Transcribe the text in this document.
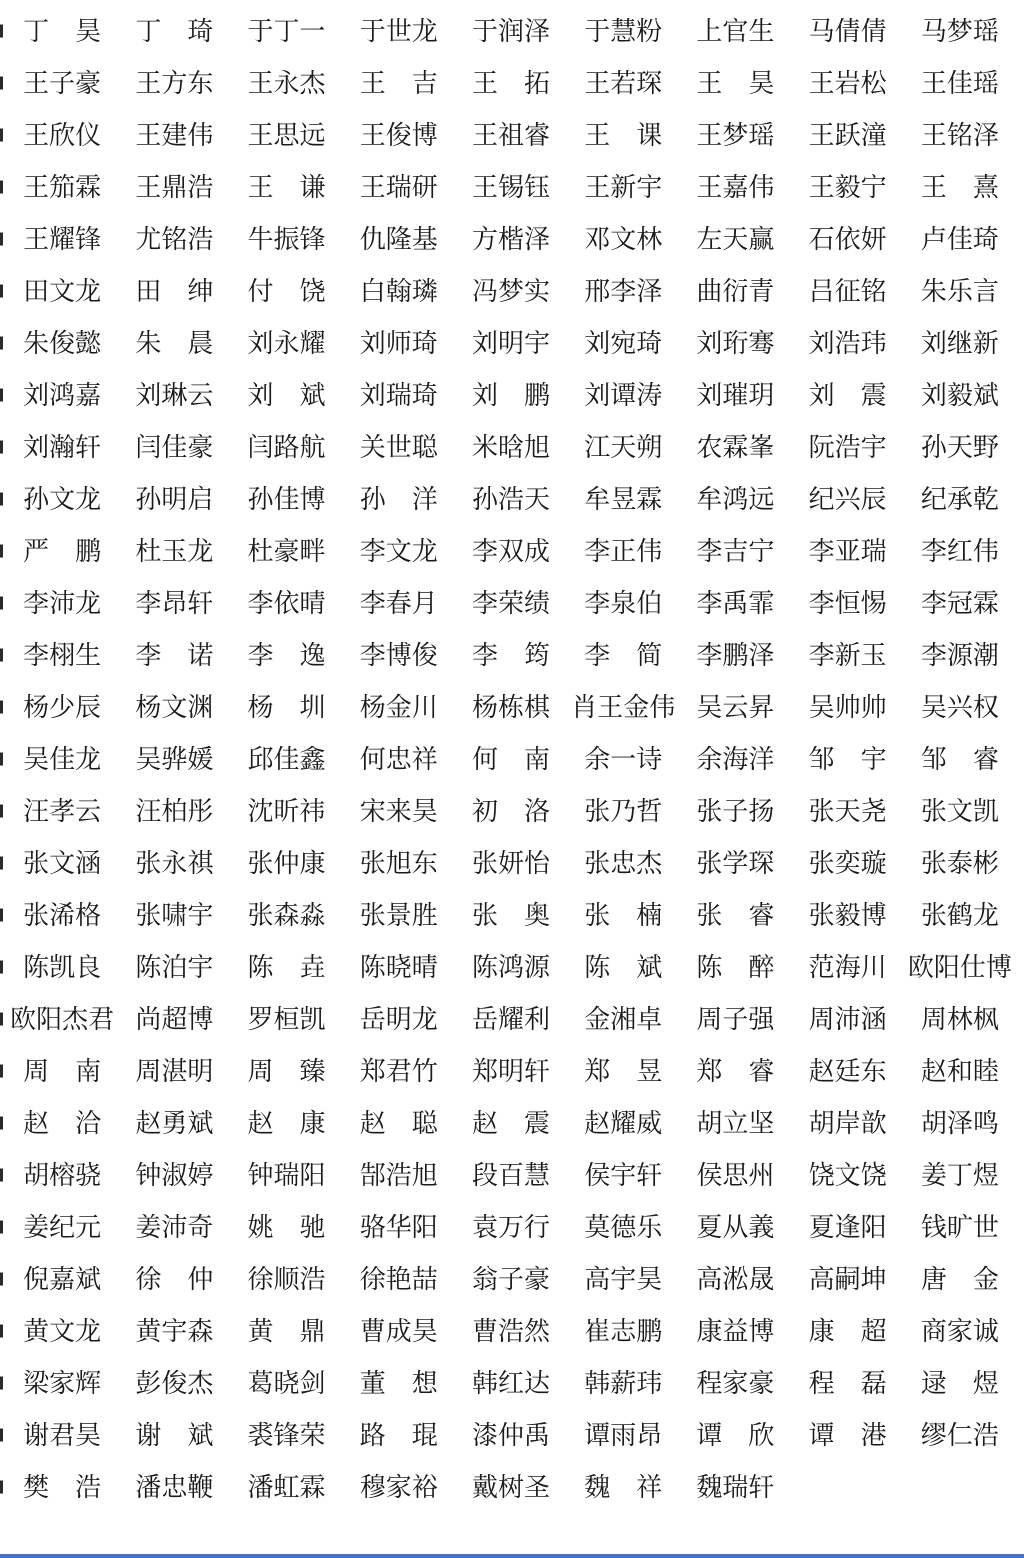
丁　昊	丁　琦	于丁一	于世龙	于润泽	于慧粉	上官生	马倩倩	马梦瑶
王子豪	王方东	王永杰	王　吉	王　拓	王若琛	王　昊	王岩松	王佳瑶
王欣仪	王建伟	王思远	王俊博	王祖睿	王　课	王梦瑶	王跃潼	王铭泽
王笳霖	王鼎浩	王　谦	王瑞研	王锡钰	王新宇	王嘉伟	王毅宁	王　熹
王耀锋	尤铭浩	牛振锋	仇隆基	方楷泽	邓文林	左天赢	石依妍	卢佳琦
田文龙	田　绅	付　饶	白翰璘	冯梦实	邢李泽	曲衍青	吕征铭	朱乐言
朱俊懿	朱　晨	刘永耀	刘师琦	刘明宇	刘宛琦	刘珩骞	刘浩玮	刘继新
刘鸿嘉	刘琳云	刘　斌	刘瑞琦	刘　鹏	刘谭涛	刘璀玥	刘　震	刘毅斌
刘瀚轩	闫佳豪	闫路航	关世聪	米晗旭	江天朔	农霖峯	阮浩宇	孙天野
孙文龙	孙明启	孙佳博	孙　洋	孙浩天	牟昱霖	牟鸿远	纪兴辰	纪承乾
严　鹏	杜玉龙	杜豪畔	李文龙	李双成	李正伟	李吉宁	李亚瑞	李红伟
李沛龙	李昂轩	李依晴	李春月	李荣绩	李泉伯	李禹霏	李恒惕	李冠霖
李栩生	李　诺	李　逸	李博俊	李　筠	李　简	李鹏泽	李新玉	李源潮
杨少辰	杨文渊	杨　圳	杨金川	杨栋棋 肖王金伟 吴云昇	吴帅帅	吴兴权
吴佳龙	吴骅媛	邱佳鑫	何忠祥	何　南	余一诗	余海洋	邹　宇	邹　睿
汪孝云	汪柏彤	沈昕祎	宋来昊	初　洛	张乃哲	张子扬	张天尧	张文凯
张文涵	张永祺	张仲康	张旭东	张妍怡	张忠杰	张学琛	张奕璇	张泰彬
张浠格	张啸宇	张森淼	张景胜	张　奥	张　楠	张　睿	张毅博	张鹤龙
陈凯良	陈泊宇	陈　垚	陈晓晴	陈鸿源	陈　斌	陈　醉	范海川 欧阳仕博
欧阳杰君 尚超博	罗桓凯	岳明龙	岳耀利	金湘卓	周子强	周沛涵	周林枫
周　南	周湛明	周　臻	郑君竹	郑明轩	郑　昱	郑　睿	赵廷东	赵和睦
赵　洽	赵勇斌	赵　康	赵　聪	赵　震	赵耀威	胡立坚	胡岸歆	胡泽鸣
胡榕骁	钟淑婷	钟瑞阳	郜浩旭	段百慧	侯宇轩	侯思州	饶文饶	姜丁煜
姜纪元	姜沛奇	姚　驰	骆华阳	袁万行	莫德乐	夏从義	夏逢阳	钱旷世
倪嘉斌	徐　仲	徐顺浩	徐艳喆	翁子豪	高宇昊	高淞晟	高嗣坤	唐　金
黄文龙	黄宇森	黄　鼎	曹成昊	曹浩然	崔志鹏	康益博	康　超	商家诚
梁家辉	彭俊杰	葛晓剑	董　想	韩红达	韩薪玮	程家豪	程　磊	逯　煜
谢君昊	谢　斌	裘锋荣	路　琨	漆仲禹	谭雨昂	谭　欣	谭　港	缪仁浩
樊　浩	潘忠鞭	潘虹霖	穆家裕	戴树圣	魏　祥	魏瑞轩
